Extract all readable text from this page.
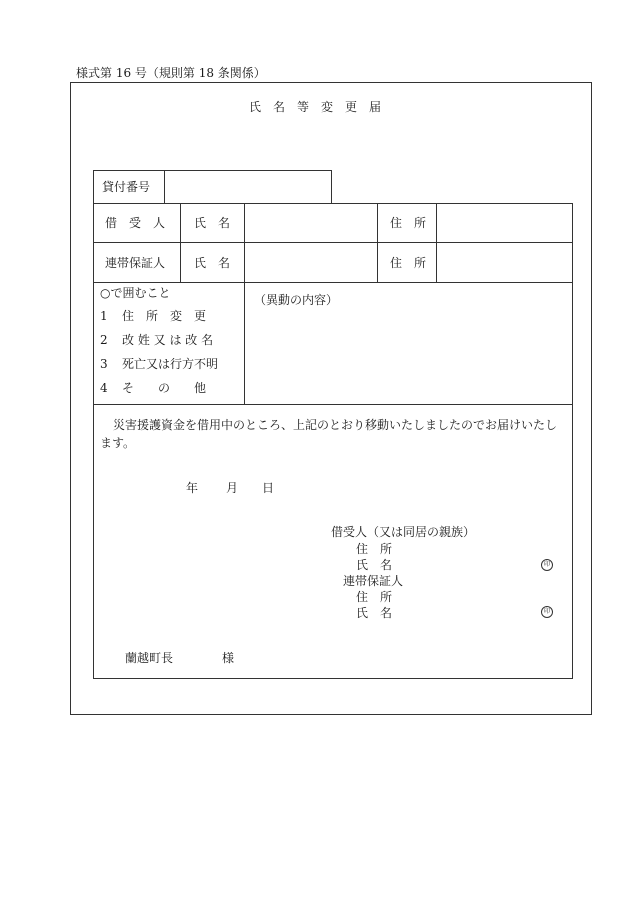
様式第 16 号（規則第 18 条関係）
氏　名　等　変　更　届
貸付番号
借　受　人 氏　名	住　所
連帯保証人 氏　名	住　所
○で囲むこと
1 住　所　変　更
2 改 姓 又 は 改 名
3 死亡又は行方不明
4 そ　　の　　他
（異動の内容）
災害援護資金を借用中のところ、上記のとおり移動いたしましたのでお届けいたし
ます。
年 月 日
借受人（又は同居の親族）
住　所
氏　名	印
連帯保証人
住　所
氏　名	印
蘭越町長	様
